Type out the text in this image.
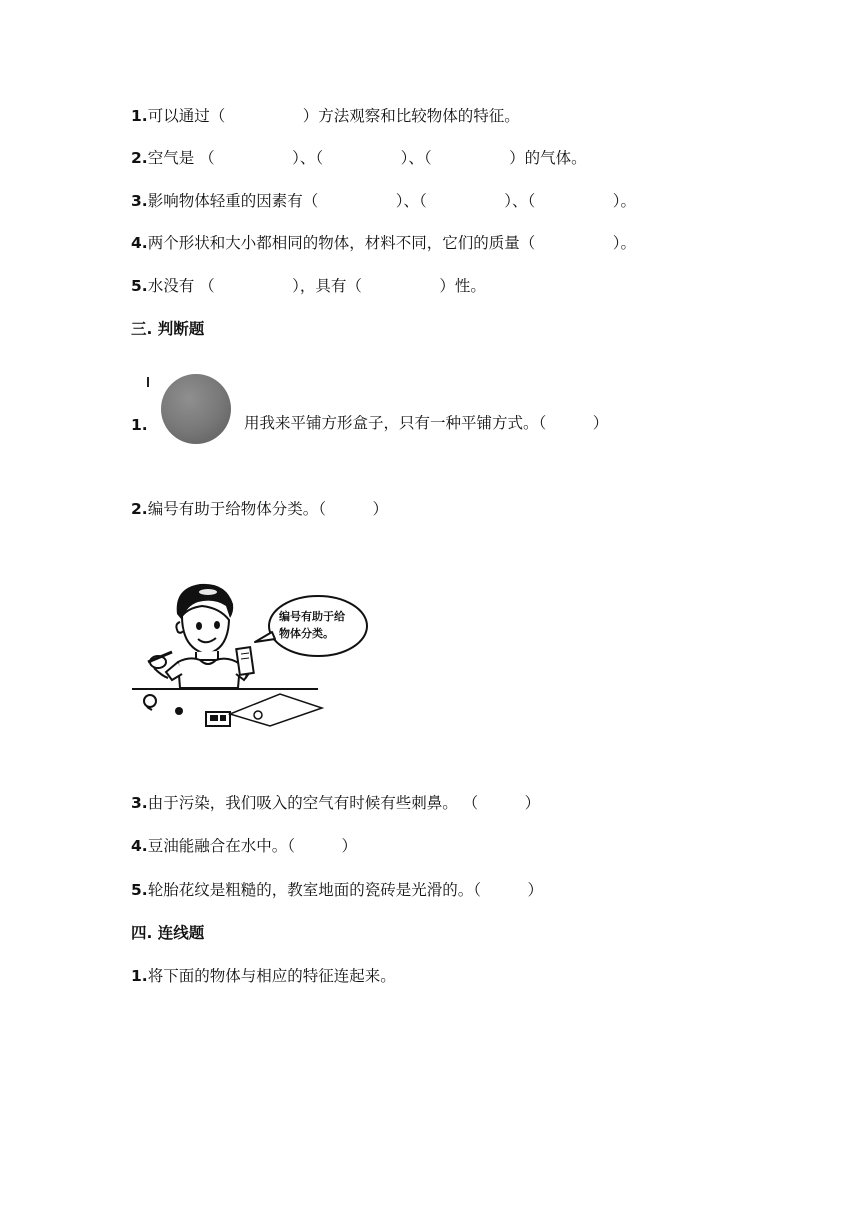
1.可以通过（　　　　　）方法观察和比较物体的特征。
2.空气是 （　　　　　）、（　　　　　）、（　　　　　）的气体。
3.影响物体轻重的因素有（　　　　　）、（　　　　　）、（　　　　　）。
4.两个形状和大小都相同的物体，材料不同，它们的质量（　　　　　）。
5.水没有 （　　　　　），具有（　　　　　）性。
三. 判断题
1.	用我来平铺方形盒子，只有一种平铺方式。（　　　）
2.编号有助于给物体分类。（　　　）
编号有助于给
物体分类。
3.由于污染，我们吸入的空气有时候有些刺鼻。 （　　　）
4.豆油能融合在水中。（　　　）
5.轮胎花纹是粗糙的，教室地面的瓷砖是光滑的。（　　　）
四. 连线题
1.将下面的物体与相应的特征连起来。
